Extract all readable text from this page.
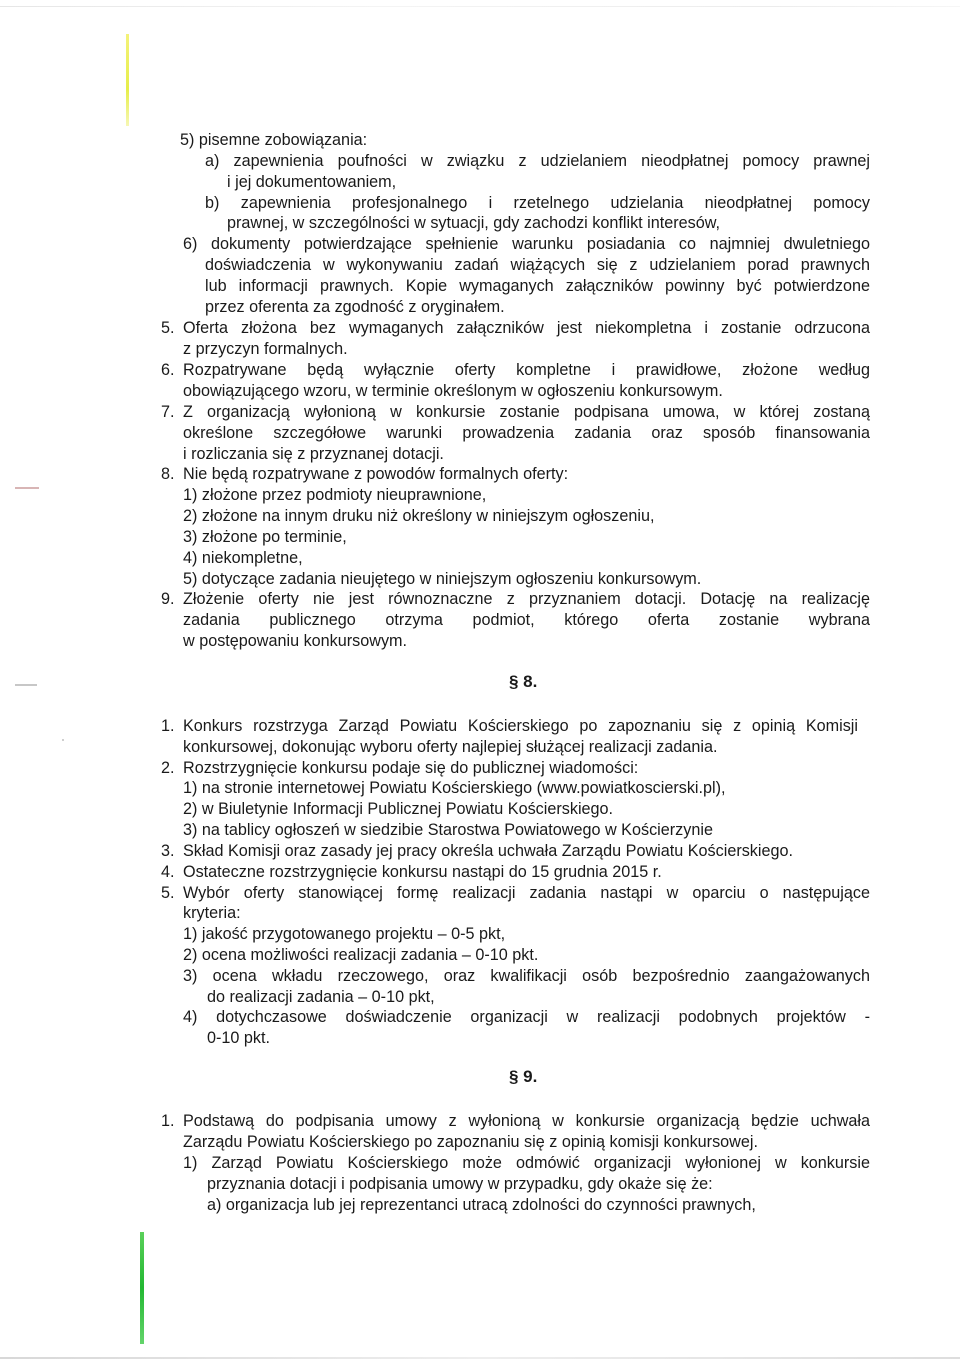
5) pisemne zobowiązania:
a) zapewnienia poufności w związku z udzielaniem nieodpłatnej pomocy prawnej
i jej dokumentowaniem,
b) zapewnienia profesjonalnego i rzetelnego udzielania nieodpłatnej pomocy
prawnej, w szczególności w sytuacji, gdy zachodzi konflikt interesów,
6) dokumenty potwierdzające spełnienie warunku posiadania co najmniej dwuletniego
doświadczenia w wykonywaniu zadań wiążących się z udzielaniem porad prawnych
lub informacji prawnych. Kopie wymaganych załączników powinny być potwierdzone
przez oferenta za zgodność z oryginałem.
5. Oferta złożona bez wymaganych załączników jest niekompletna i zostanie odrzucona
z przyczyn formalnych.
6. Rozpatrywane będą wyłącznie oferty kompletne i prawidłowe, złożone według
obowiązującego wzoru, w terminie określonym w ogłoszeniu konkursowym.
7. Z organizacją wyłonioną w konkursie zostanie podpisana umowa, w której zostaną
określone szczegółowe warunki prowadzenia zadania oraz sposób finansowania
i rozliczania się z przyznanej dotacji.
8. Nie będą rozpatrywane z powodów formalnych oferty:
1) złożone przez podmioty nieuprawnione,
2) złożone na innym druku niż określony w niniejszym ogłoszeniu,
3) złożone po terminie,
4) niekompletne,
5) dotyczące zadania nieujętego w niniejszym ogłoszeniu konkursowym.
9. Złożenie oferty nie jest równoznaczne z przyznaniem dotacji. Dotację na realizację
zadania publicznego otrzyma podmiot, którego oferta zostanie wybrana
w postępowaniu konkursowym.
§ 8.
1. Konkurs rozstrzyga Zarząd Powiatu Kościerskiego po zapoznaniu się z opinią Komisji
konkursowej, dokonując wyboru oferty najlepiej służącej realizacji zadania.
2. Rozstrzygnięcie konkursu podaje się do publicznej wiadomości:
1) na stronie internetowej Powiatu Kościerskiego (www.powiatkoscierski.pl),
2) w Biuletynie Informacji Publicznej Powiatu Kościerskiego.
3) na tablicy ogłoszeń w siedzibie Starostwa Powiatowego w Kościerzynie
3. Skład Komisji oraz zasady jej pracy określa uchwała Zarządu Powiatu Kościerskiego.
4. Ostateczne rozstrzygnięcie konkursu nastąpi do 15 grudnia 2015 r.
5. Wybór oferty stanowiącej formę realizacji zadania nastąpi w oparciu o następujące
kryteria:
1) jakość przygotowanego projektu – 0-5 pkt,
2) ocena możliwości realizacji zadania – 0-10 pkt.
3) ocena wkładu rzeczowego, oraz kwalifikacji osób bezpośrednio zaangażowanych
do realizacji zadania – 0-10 pkt,
4) dotychczasowe doświadczenie organizacji w realizacji podobnych projektów -
0-10 pkt.
§ 9.
1. Podstawą do podpisania umowy z wyłonioną w konkursie organizacją będzie uchwała
Zarządu Powiatu Kościerskiego po zapoznaniu się z opinią komisji konkursowej.
1) Zarząd Powiatu Kościerskiego może odmówić organizacji wyłonionej w konkursie
przyznania dotacji i podpisania umowy w przypadku, gdy okaże się że:
a) organizacja lub jej reprezentanci utracą zdolności do czynności prawnych,
